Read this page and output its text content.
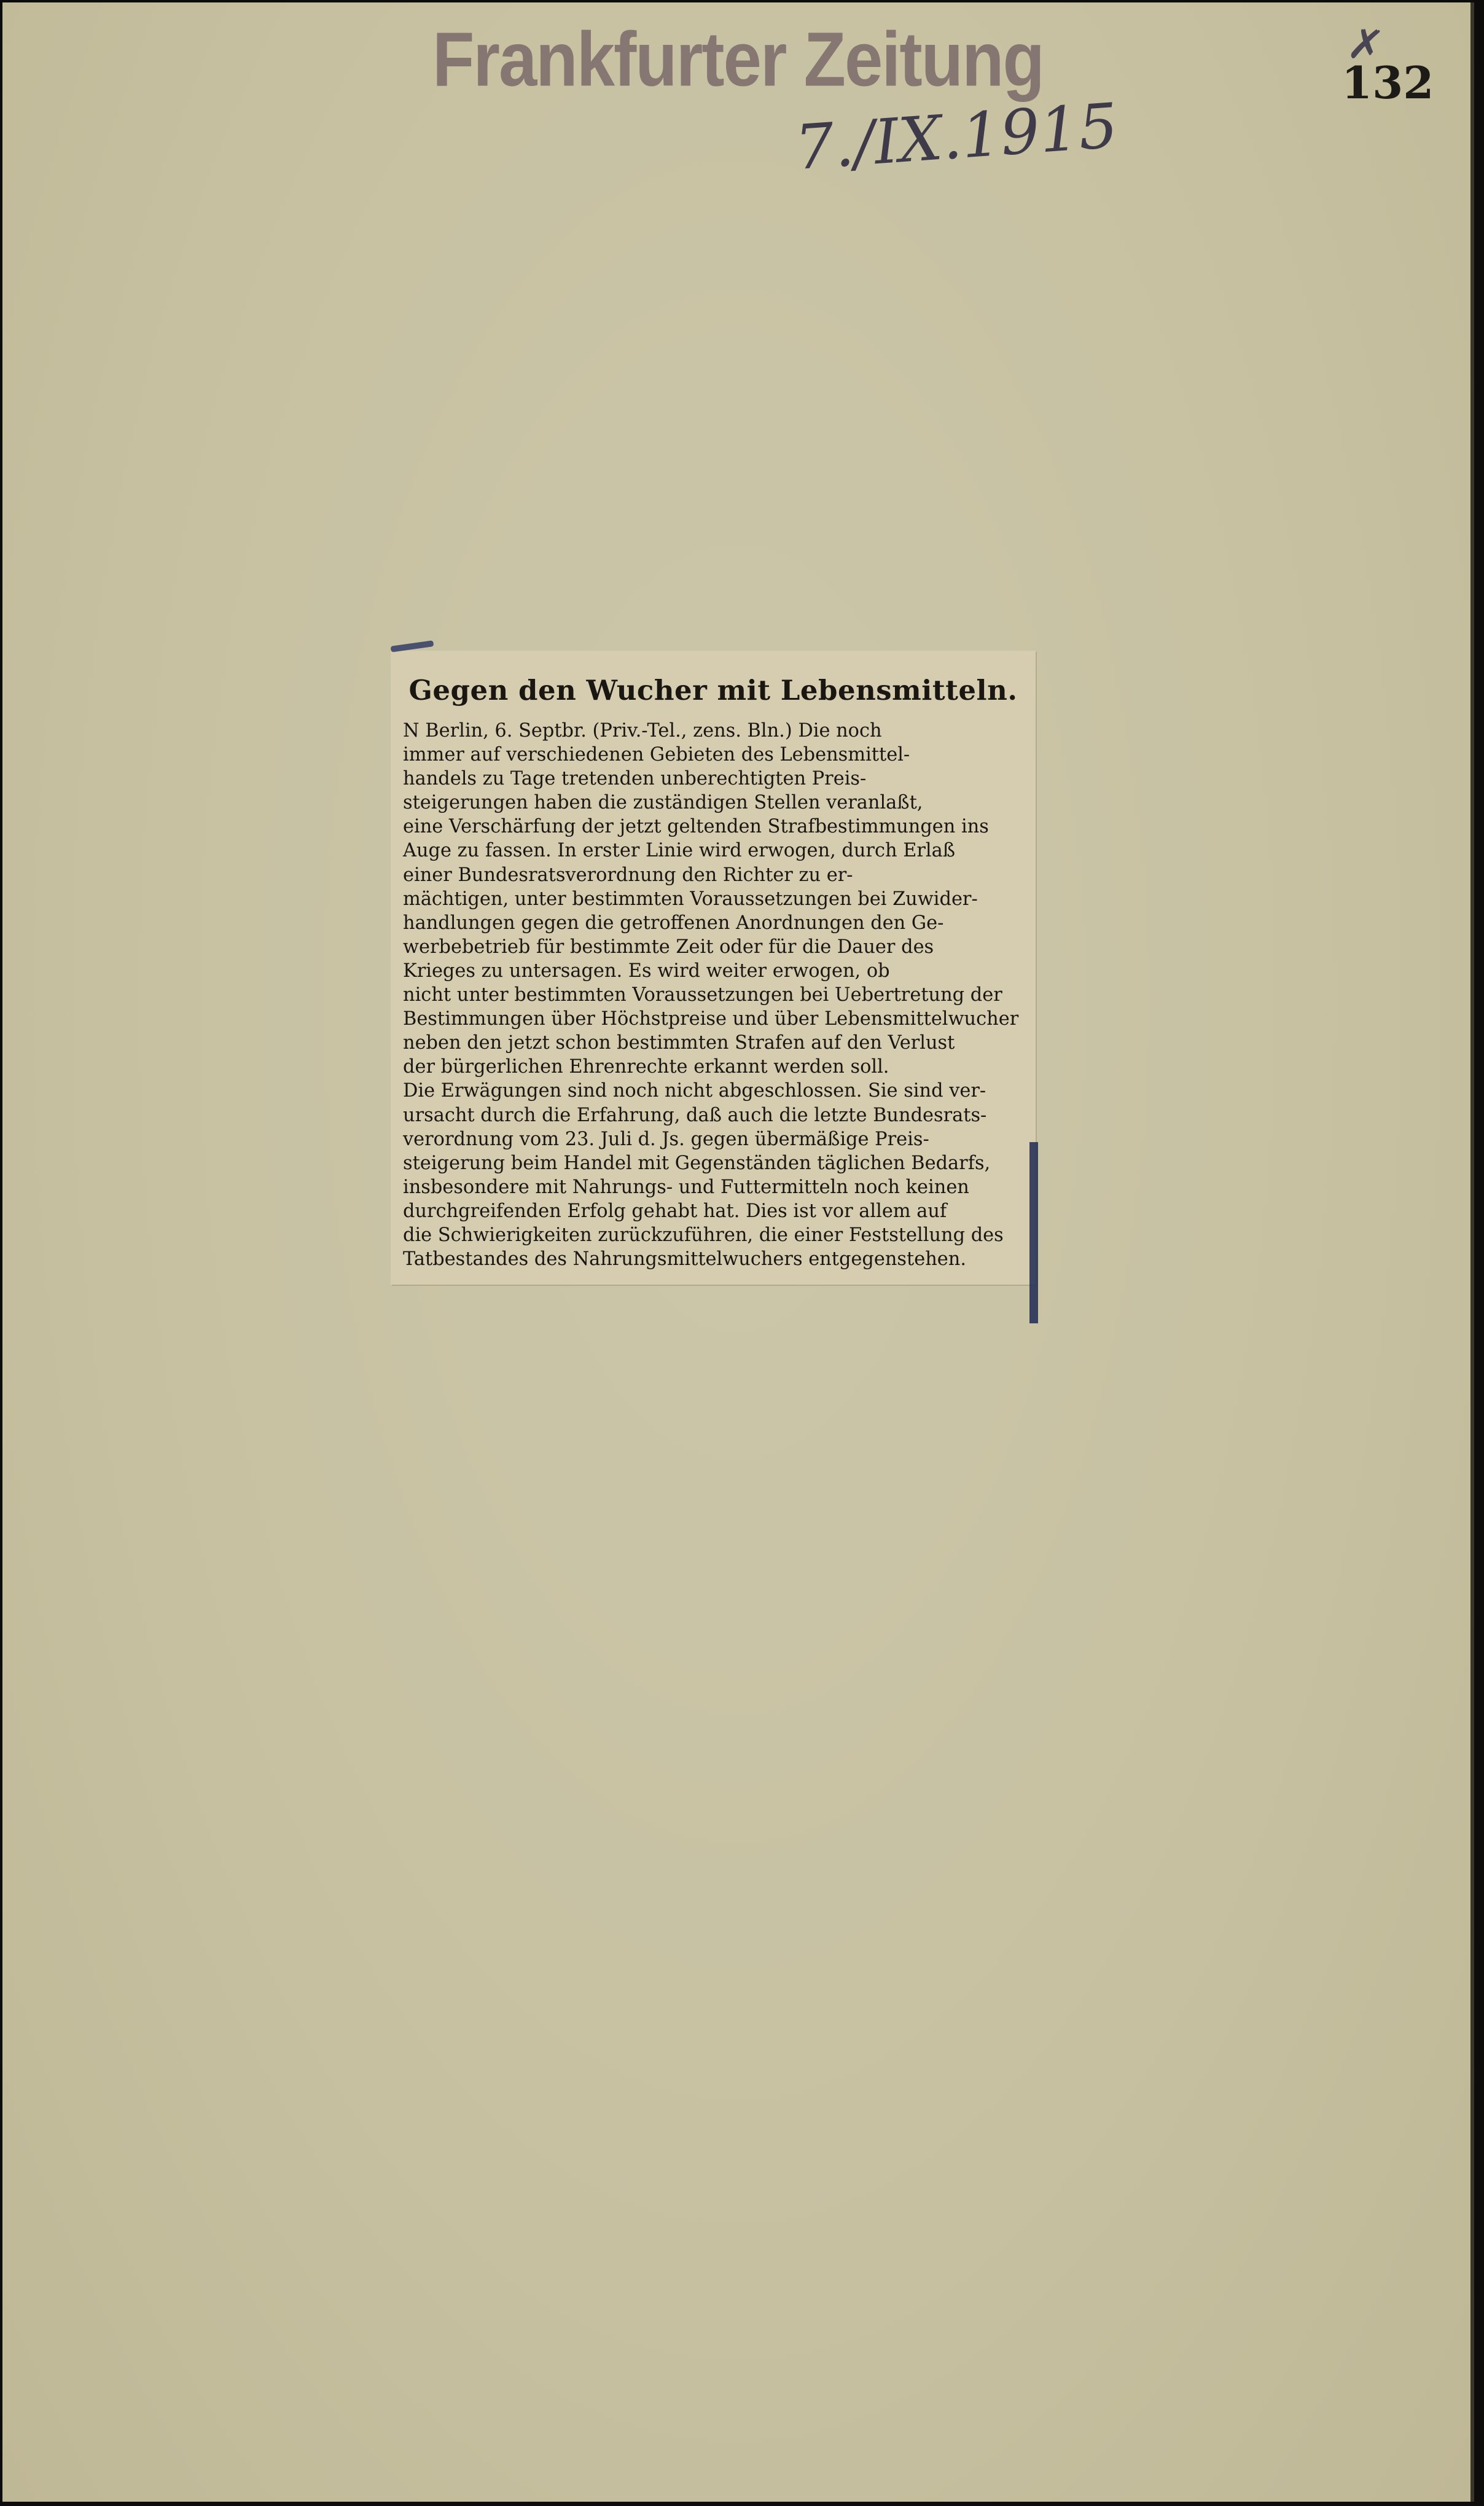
Frankfurter Zeitung
7./IX.1915
✗
132
Gegen den Wucher mit Lebensmitteln.
N Berlin, 6. Septbr. (Priv.-Tel., zens. Bln.) Die noch
immer auf verschiedenen Gebieten des Lebensmittel-
handels zu Tage tretenden unberechtigten Preis-
steigerungen haben die zuständigen Stellen veranlaßt,
eine Verschärfung der jetzt geltenden Strafbestimmungen ins
Auge zu fassen. In erster Linie wird erwogen, durch Erlaß
einer Bundesratsverordnung den Richter zu er-
mächtigen, unter bestimmten Voraussetzungen bei Zuwider-
handlungen gegen die getroffenen Anordnungen den Ge-
werbebetrieb für bestimmte Zeit oder für die Dauer des
Krieges zu untersagen. Es wird weiter erwogen, ob
nicht unter bestimmten Voraussetzungen bei Uebertretung der
Bestimmungen über Höchstpreise und über Lebensmittelwucher
neben den jetzt schon bestimmten Strafen auf den Verlust
der bürgerlichen Ehrenrechte erkannt werden soll.
Die Erwägungen sind noch nicht abgeschlossen. Sie sind ver-
ursacht durch die Erfahrung, daß auch die letzte Bundesrats-
verordnung vom 23. Juli d. Js. gegen übermäßige Preis-
steigerung beim Handel mit Gegenständen täglichen Bedarfs,
insbesondere mit Nahrungs- und Futtermitteln noch keinen
durchgreifenden Erfolg gehabt hat. Dies ist vor allem auf
die Schwierigkeiten zurückzuführen, die einer Feststellung des
Tatbestandes des Nahrungsmittelwuchers entgegenstehen.
